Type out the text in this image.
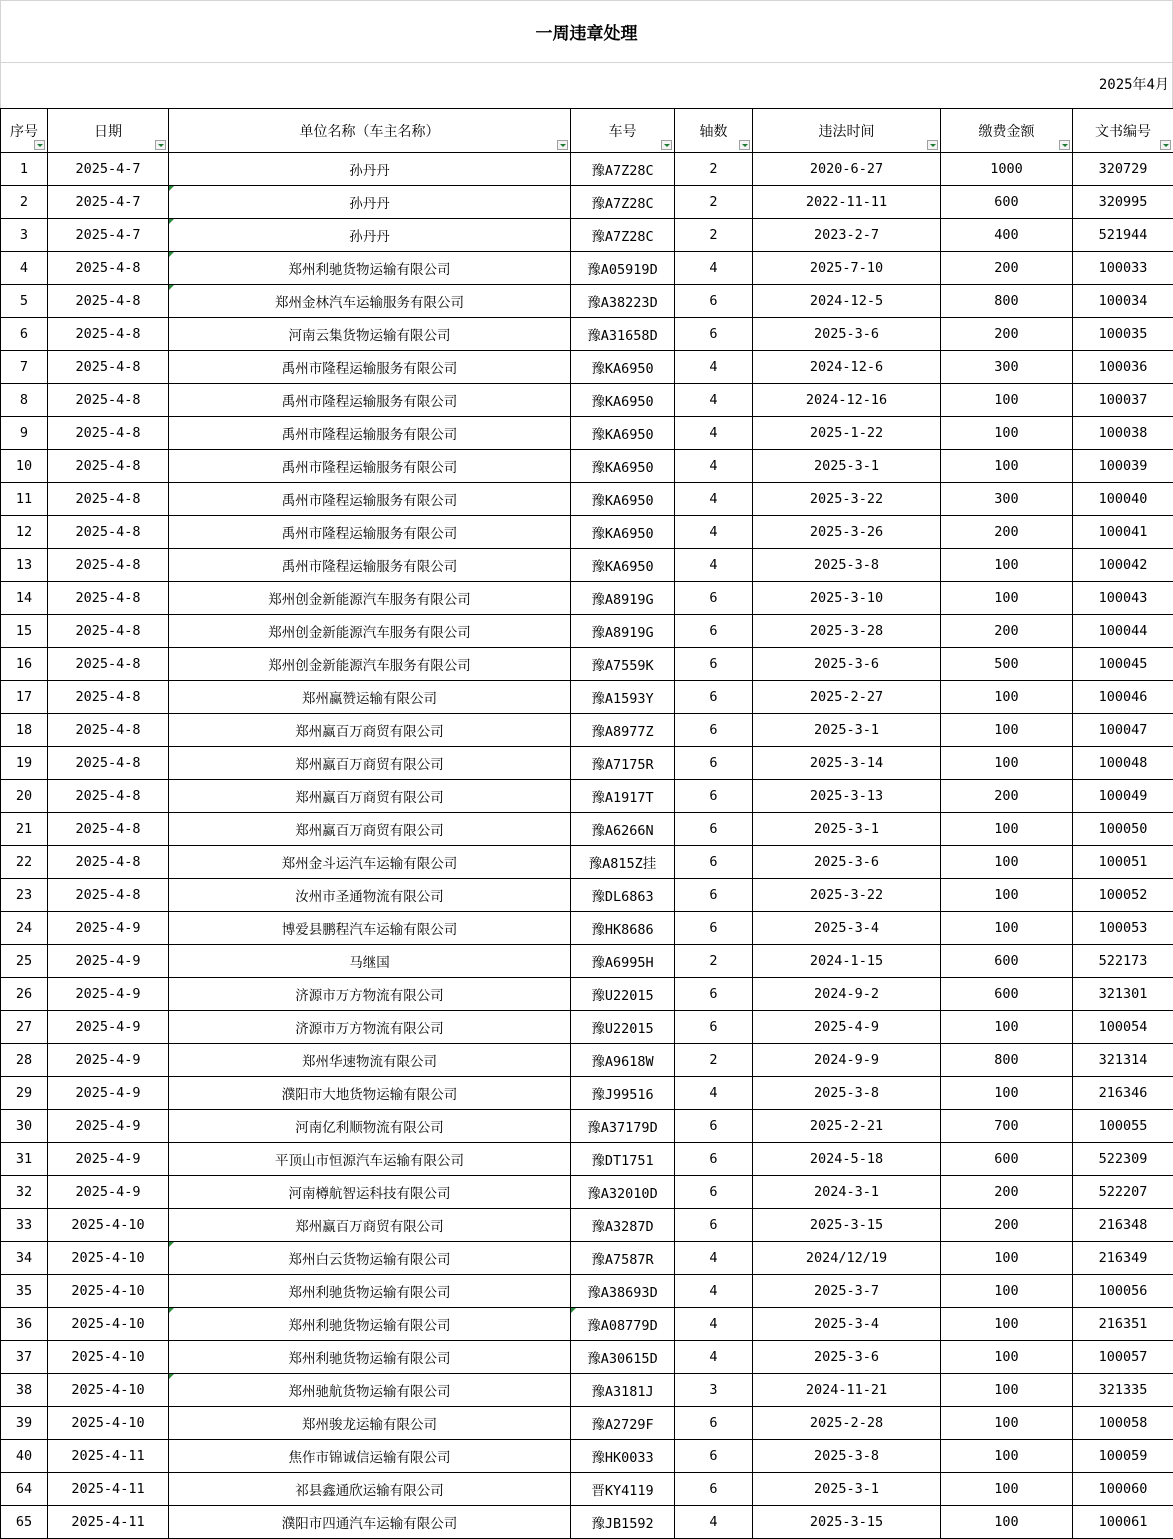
一周违章处理
2025年4月
序号	日期	单位名称（车主名称）	车号	轴数	违法时间	缴费金额	文书编号

1	2025-4-7	孙丹丹	豫A7Z28C	2	2020-6-27	1000	320729
2	2025-4-7	孙丹丹	豫A7Z28C	2	2022-11-11	600	320995
3	2025-4-7	孙丹丹	豫A7Z28C	2	2023-2-7	400	521944
4	2025-4-8	郑州利驰货物运输有限公司	豫A05919D	4	2025-7-10	200	100033
5	2025-4-8	郑州金林汽车运输服务有限公司	豫A38223D	6	2024-12-5	800	100034
6	2025-4-8	河南云集货物运输有限公司	豫A31658D	6	2025-3-6	200	100035
7	2025-4-8	禹州市隆程运输服务有限公司	豫KA6950	4	2024-12-6	300	100036
8	2025-4-8	禹州市隆程运输服务有限公司	豫KA6950	4	2024-12-16	100	100037
9	2025-4-8	禹州市隆程运输服务有限公司	豫KA6950	4	2025-1-22	100	100038
10	2025-4-8	禹州市隆程运输服务有限公司	豫KA6950	4	2025-3-1	100	100039
11	2025-4-8	禹州市隆程运输服务有限公司	豫KA6950	4	2025-3-22	300	100040
12	2025-4-8	禹州市隆程运输服务有限公司	豫KA6950	4	2025-3-26	200	100041
13	2025-4-8	禹州市隆程运输服务有限公司	豫KA6950	4	2025-3-8	100	100042
14	2025-4-8	郑州创金新能源汽车服务有限公司	豫A8919G	6	2025-3-10	100	100043
15	2025-4-8	郑州创金新能源汽车服务有限公司	豫A8919G	6	2025-3-28	200	100044
16	2025-4-8	郑州创金新能源汽车服务有限公司	豫A7559K	6	2025-3-6	500	100045
17	2025-4-8	郑州赢赞运输有限公司	豫A1593Y	6	2025-2-27	100	100046
18	2025-4-8	郑州赢百万商贸有限公司	豫A8977Z	6	2025-3-1	100	100047
19	2025-4-8	郑州赢百万商贸有限公司	豫A7175R	6	2025-3-14	100	100048
20	2025-4-8	郑州赢百万商贸有限公司	豫A1917T	6	2025-3-13	200	100049
21	2025-4-8	郑州赢百万商贸有限公司	豫A6266N	6	2025-3-1	100	100050
22	2025-4-8	郑州金斗运汽车运输有限公司	豫A815Z挂	6	2025-3-6	100	100051
23	2025-4-8	汝州市圣通物流有限公司	豫DL6863	6	2025-3-22	100	100052
24	2025-4-9	博爱县鹏程汽车运输有限公司	豫HK8686	6	2025-3-4	100	100053
25	2025-4-9	马继国	豫A6995H	2	2024-1-15	600	522173
26	2025-4-9	济源市万方物流有限公司	豫U22015	6	2024-9-2	600	321301
27	2025-4-9	济源市万方物流有限公司	豫U22015	6	2025-4-9	100	100054
28	2025-4-9	郑州华速物流有限公司	豫A9618W	2	2024-9-9	800	321314
29	2025-4-9	濮阳市大地货物运输有限公司	豫J99516	4	2025-3-8	100	216346
30	2025-4-9	河南亿利顺物流有限公司	豫A37179D	6	2025-2-21	700	100055
31	2025-4-9	平顶山市恒源汽车运输有限公司	豫DT1751	6	2024-5-18	600	522309
32	2025-4-9	河南樽航智运科技有限公司	豫A32010D	6	2024-3-1	200	522207
33	2025-4-10	郑州赢百万商贸有限公司	豫A3287D	6	2025-3-15	200	216348
34	2025-4-10	郑州白云货物运输有限公司	豫A7587R	4	2024/12/19	100	216349
35	2025-4-10	郑州利驰货物运输有限公司	豫A38693D	4	2025-3-7	100	100056
36	2025-4-10	郑州利驰货物运输有限公司	豫A08779D	4	2025-3-4	100	216351
37	2025-4-10	郑州利驰货物运输有限公司	豫A30615D	4	2025-3-6	100	100057
38	2025-4-10	郑州驰航货物运输有限公司	豫A3181J	3	2024-11-21	100	321335
39	2025-4-10	郑州骏龙运输有限公司	豫A2729F	6	2025-2-28	100	100058
40	2025-4-11	焦作市锦诚信运输有限公司	豫HK0033	6	2025-3-8	100	100059
64	2025-4-11	祁县鑫通欣运输有限公司	晋KY4119	6	2025-3-1	100	100060
65	2025-4-11	濮阳市四通汽车运输有限公司	豫JB1592	4	2025-3-15	100	100061
